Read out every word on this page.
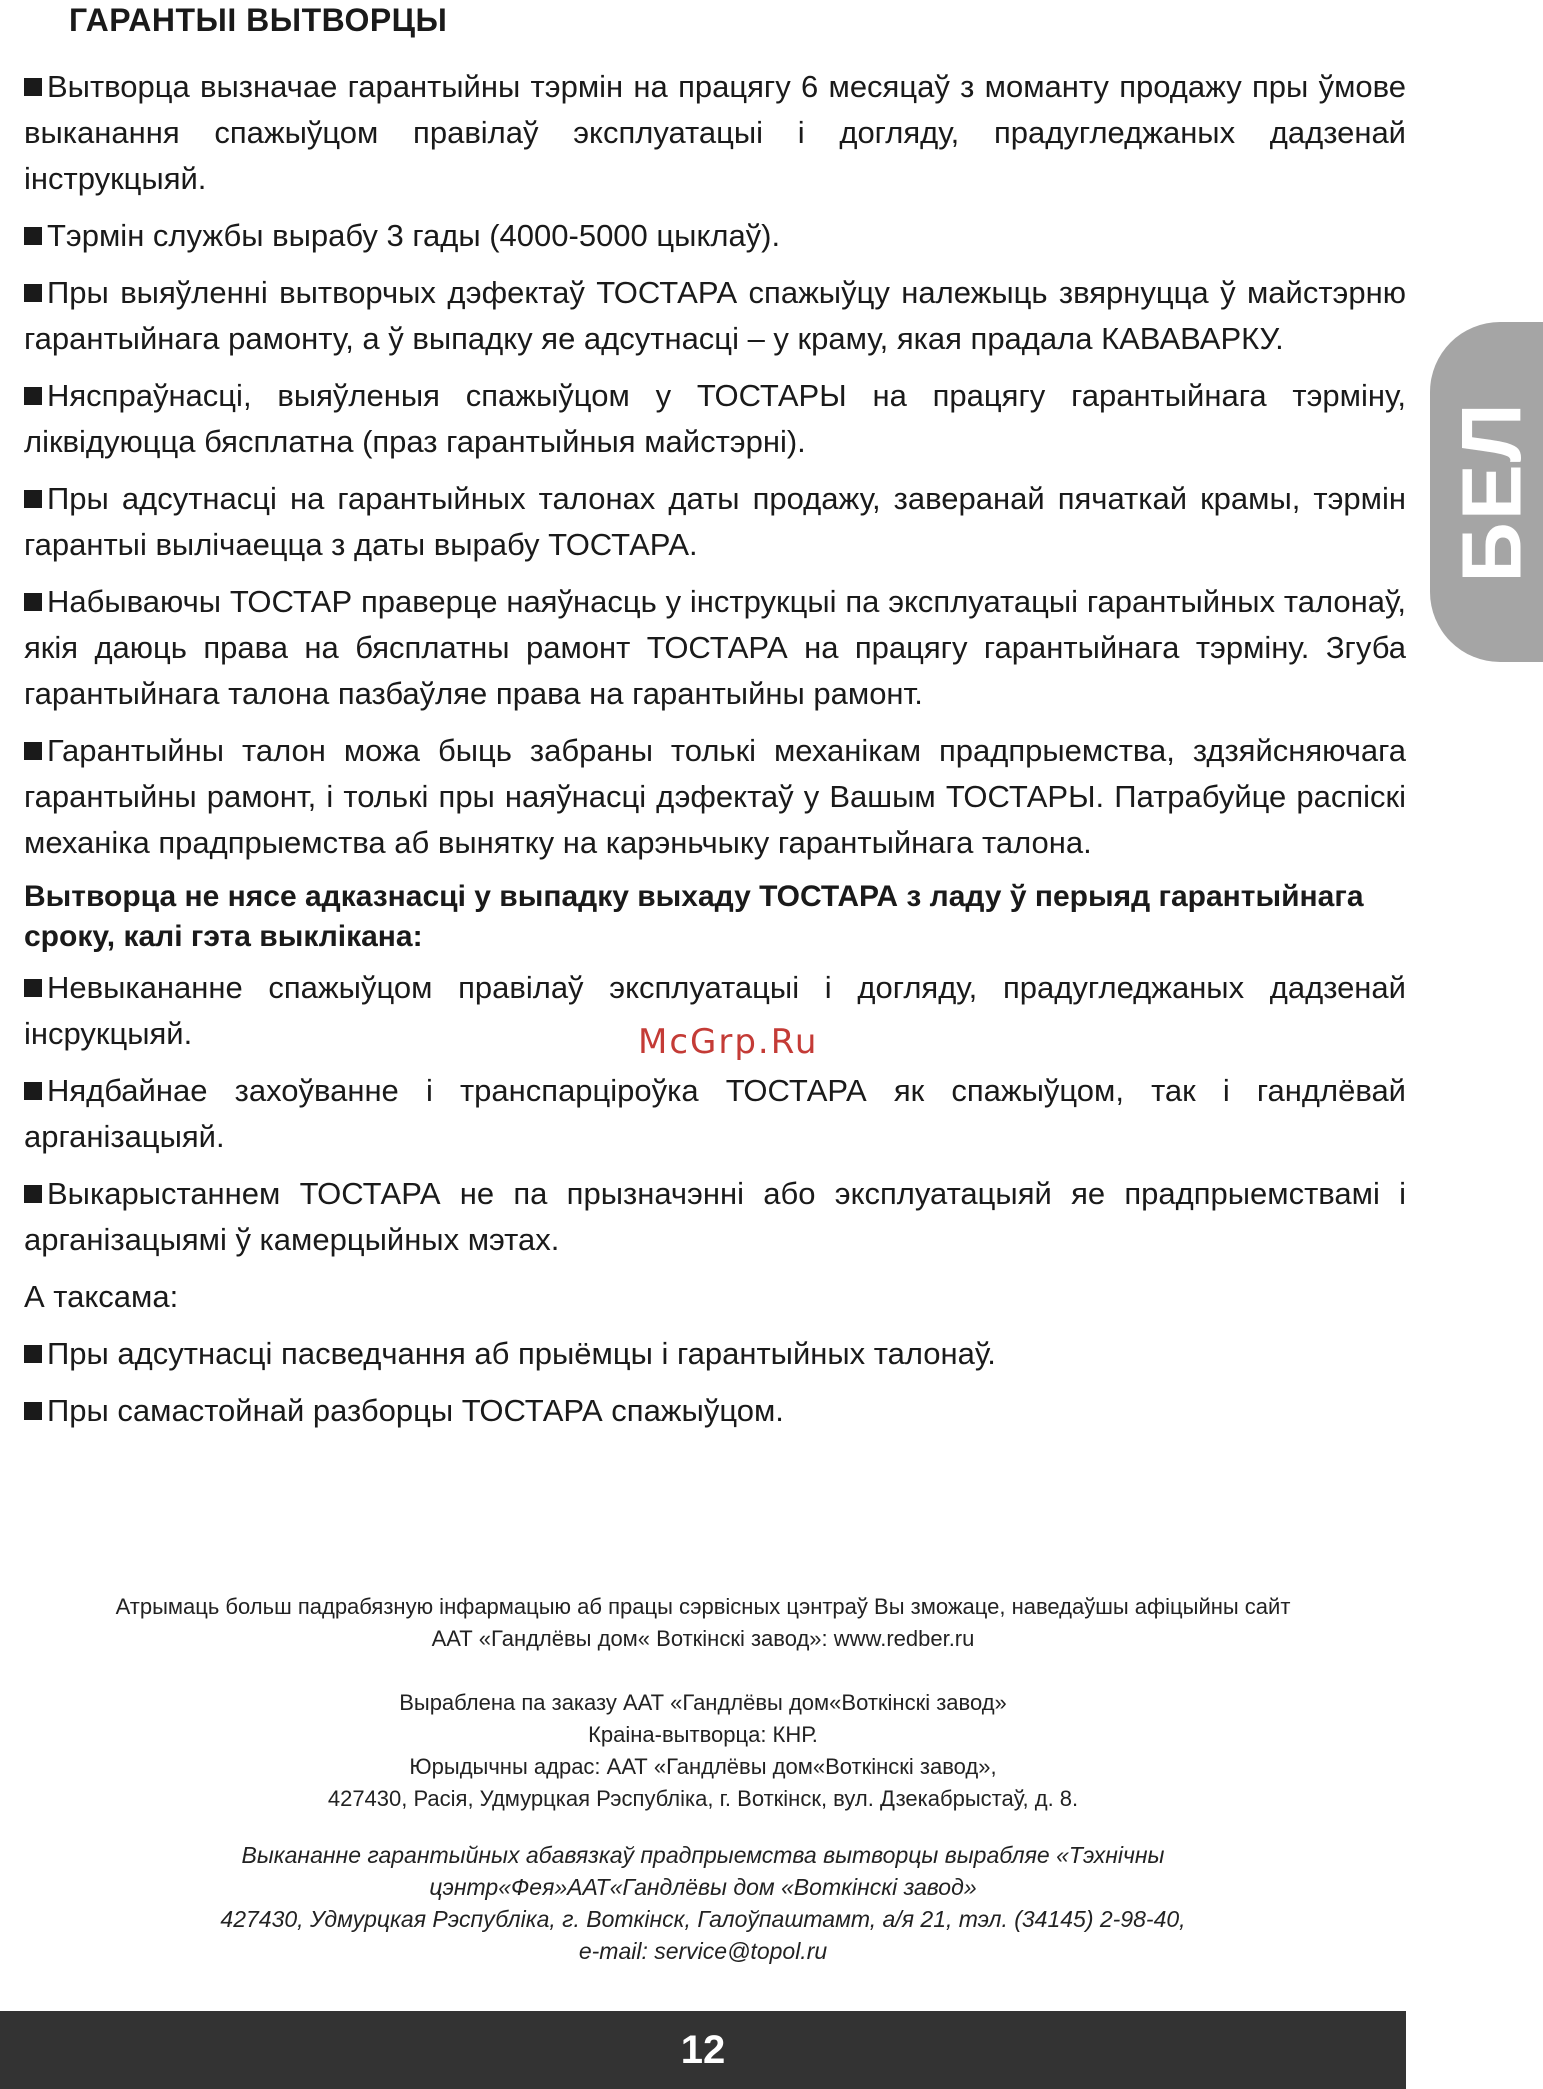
ГАРАНТЫІ ВЫТВОРЦЫ
БЕЛ

Вытворца вызначае гарантыйны тэрмін на працягу 6 месяцаў з моманту продажу пры ўмове выканання спажыўцом правілаў эксплуатацыі і догляду, прадугледжаных дадзенай інструкцыяй.

Тэрмін службы вырабу 3 гады (4000-5000 цыклаў).

Пры выяўленні вытворчых дэфектаў ТОСТАРА спажыўцу належыць звярнуцца ў майстэрню гарантыйнага рамонту, а ў выпадку яе адсутнасці – у краму, якая прадала КАВАВАРКУ.

Няспраўнасці, выяўленыя спажыўцом у ТОСТАРЫ на працягу гарантыйнага тэрміну, ліквідуюцца бясплатна (праз гарантыйныя майстэрні).

Пры адсутнасці на гарантыйных талонах даты продажу, заверанай пячаткай крамы, тэрмін гарантыі вылічаецца з даты вырабу ТОСТАРА.

Набываючы ТОСТАР праверце наяўнасць у інструкцыі па эксплуатацыі гарантыйных талонаў, якія даюць права на бясплатны рамонт ТОСТАРА на працягу гарантыйнага тэрміну. Згуба гарантыйнага талона пазбаўляе права на гарантыйны рамонт.

Гарантыйны талон можа быць забраны толькі механікам прадпрыемства, здзяйсняючага гарантыйны рамонт, і толькі пры наяўнасці дэфектаў у Вашым ТОСТАРЫ. Патрабуйце распіскі механіка прадпрыемства аб вынятку на карэньчыку гарантыйнага талона.

Вытворца не нясе адказнасці у выпадку выхаду ТОСТАРА з ладу ў перыяд гарантыйнага сроку, калі гэта выклікана:

Невыкананне спажыўцом правілаў эксплуатацыі і догляду, прадугледжаных дадзенай інсрукцыяй.

Нядбайнае захоўванне і транспарціроўка ТОСТАРА як спажыўцом, так і гандлёвай арганізацыяй.

Выкарыстаннем ТОСТАРА не па прызначэнні або эксплуатацыяй яе прадпрыемствамі і арганізацыямі ў камерцыйных мэтах.

А таксама:

Пры адсутнасці пасведчання аб прыёмцы і гарантыйных талонаў.

Пры самастойнай разборцы ТОСТАРА спажыўцом.

McGrp.Ru
Атрымаць больш падрабязную інфармацыю аб працы сэрвісных цэнтраў Вы зможаце, наведаўшы афіцыйны сайт
ААТ «Гандлёвы дом« Воткінскі завод»: www.redber.ru
Выраблена па заказу ААТ «Гандлёвы дом«Воткінскі завод»
Краіна-вытворца: КНР.
Юрыдычны адрас: ААТ «Гандлёвы дом«Воткінскі завод»,
427430, Расія, Удмурцкая Рэспубліка, г. Воткінск, вул. Дзекабрыстаў, д. 8.
Выкананне гарантыйных абавязкаў прадпрыемства вытворцы вырабляе «Тэхнічны
цэнтр«Фея»ААТ«Гандлёвы дом «Воткінскі завод»
427430, Удмурцкая Рэспубліка, г. Воткінск, Галоўпаштамт, а/я 21, тэл. (34145) 2-98-40,
e-mail: service@topol.ru
12
